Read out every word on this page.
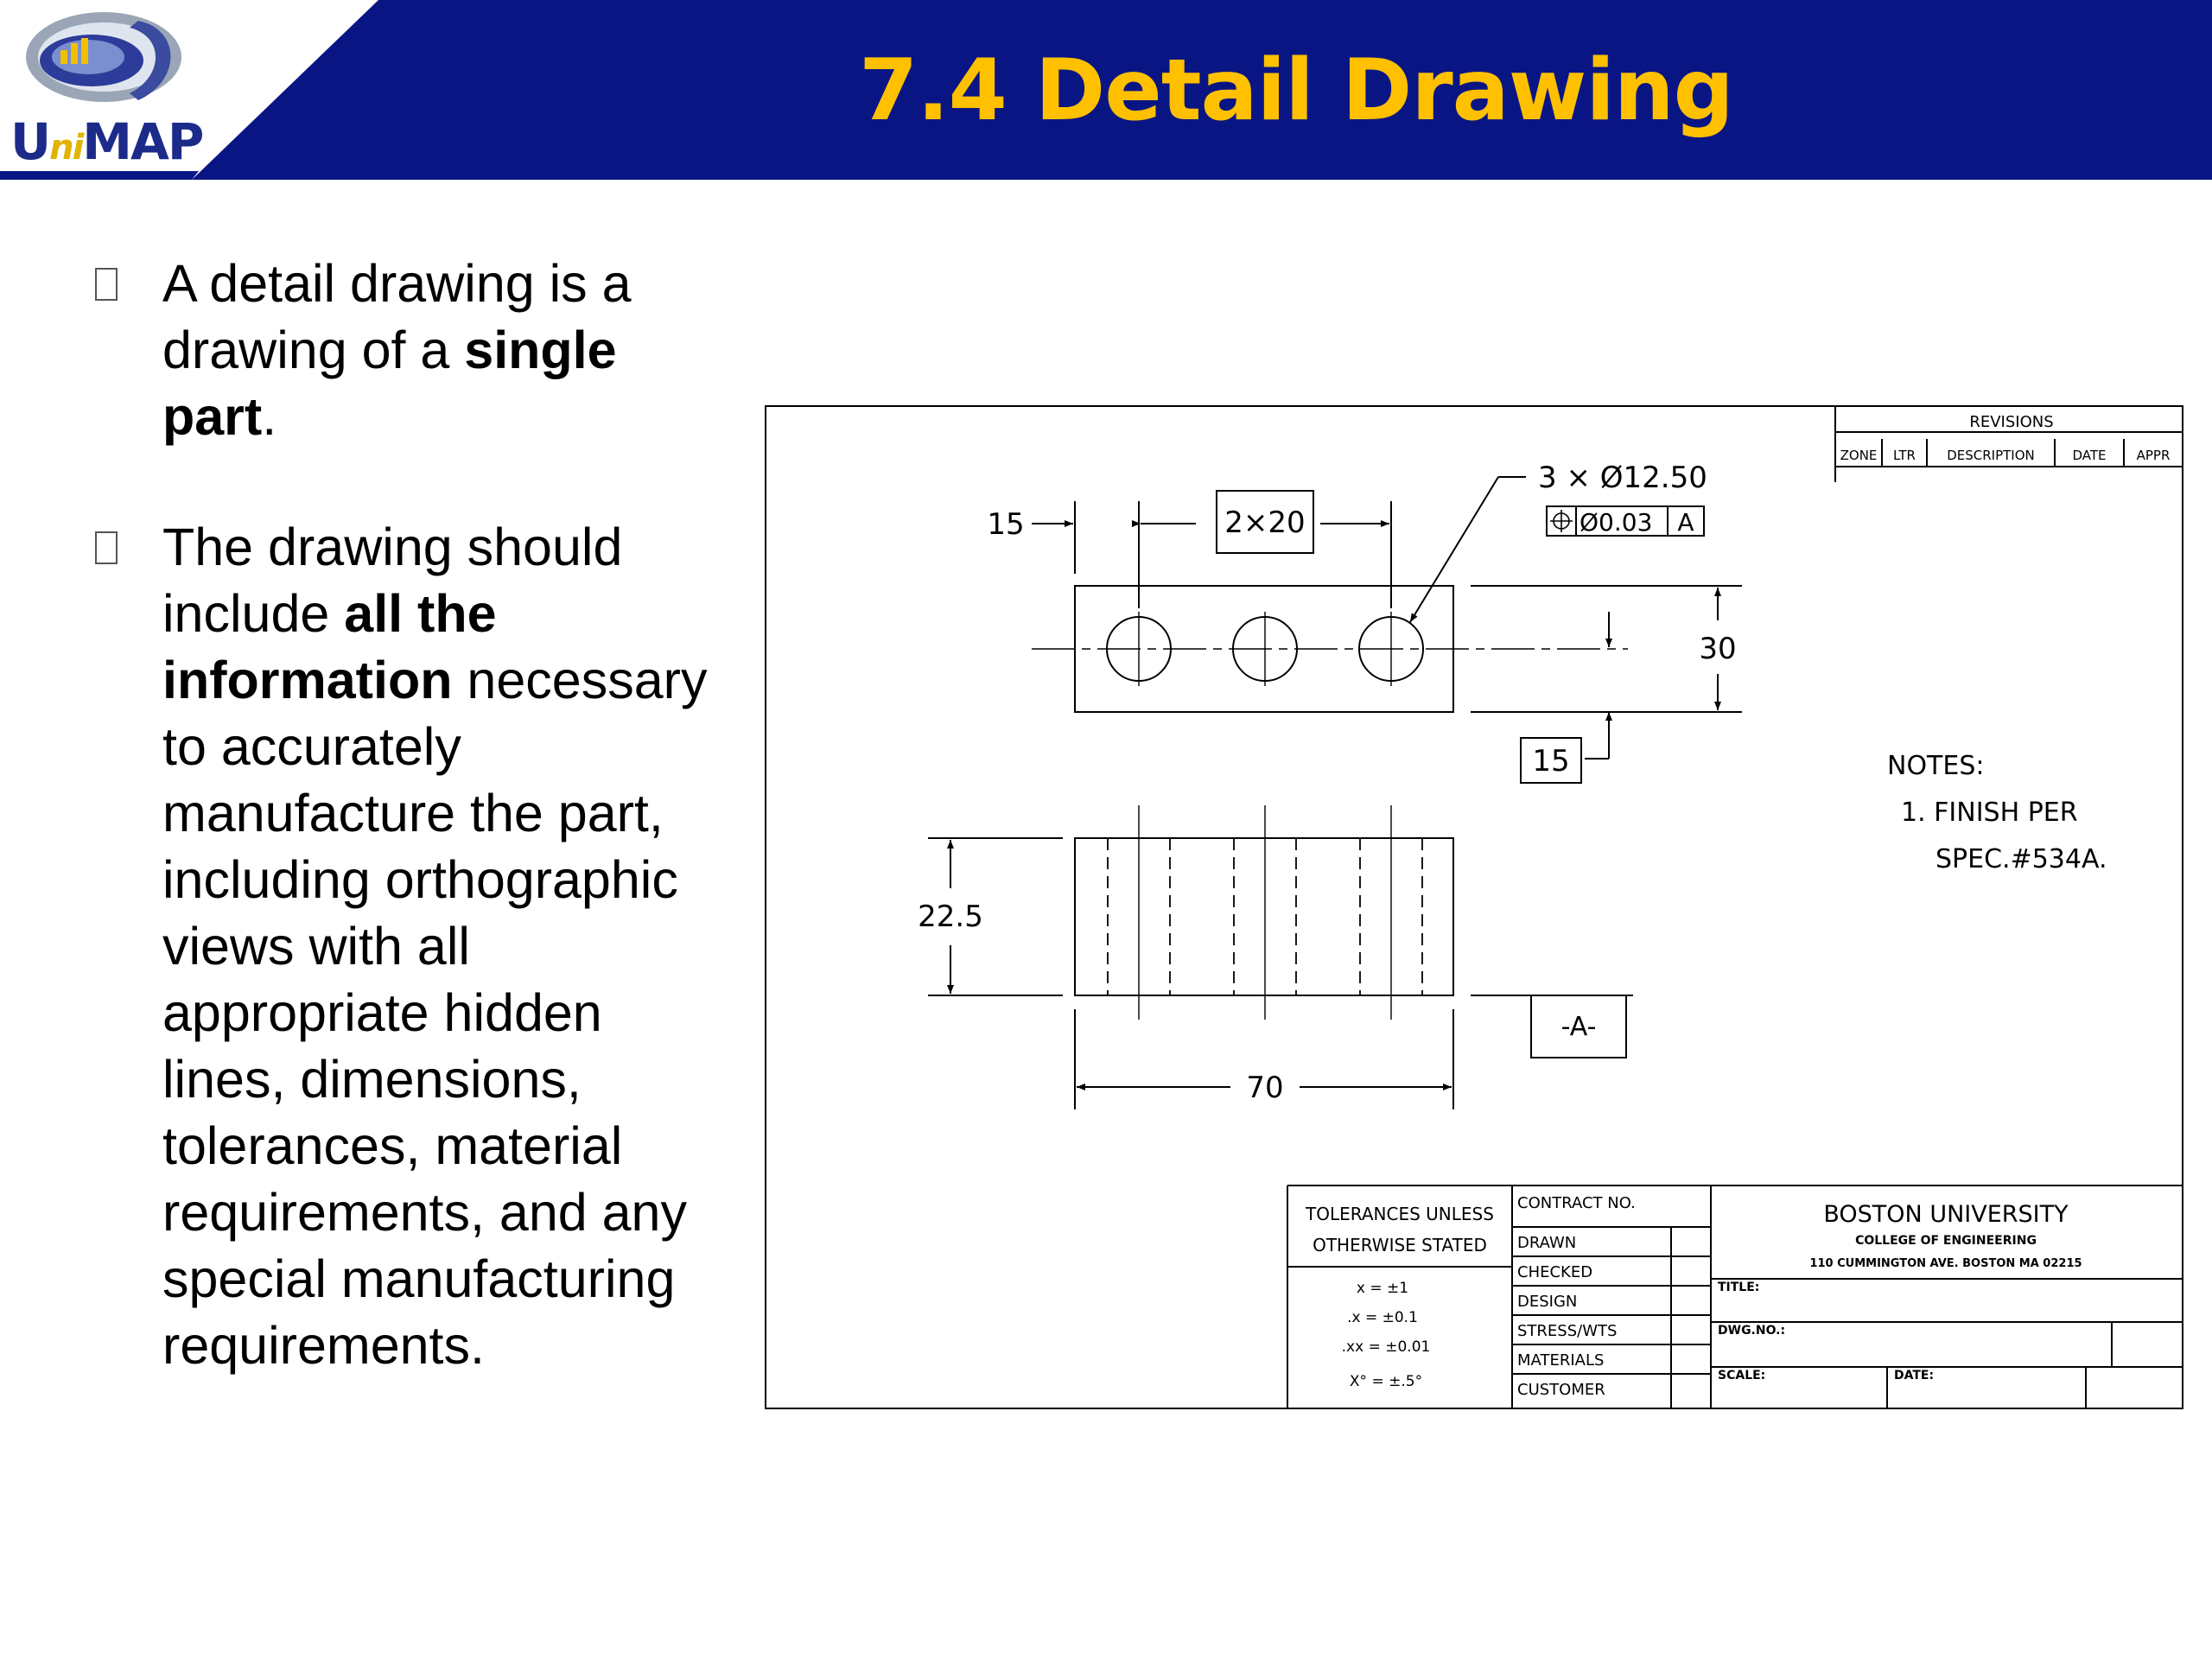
UniMAP
7.4 Detail Drawing

A detail drawing is a drawing of a single part.

The drawing should include all the information necessary to accurately manufacture the part, including orthographic views with all appropriate hidden lines, dimensions, tolerances, material requirements, and any special manufacturing requirements.

REVISIONS
ZONE LTR DESCRIPTION	DATE APPR
3 × Ø12.50
Ø0.03 A
15	2×20
30
15
22.5
70
-A-
NOTES:
1. FINISH PER
SPEC.#534A.
TOLERANCES UNLESS
OTHERWISE STATED
x = ±1
.x = ±0.1
.xx = ±0.01
X° = ±.5°
CONTRACT NO.
DRAWN
CHECKED
DESIGN
STRESS/WTS
MATERIALS
CUSTOMER
BOSTON UNIVERSITY
COLLEGE OF ENGINEERING
110 CUMMINGTON AVE. BOSTON MA 02215
TITLE:
DWG.NO.:
SCALE:	DATE:
